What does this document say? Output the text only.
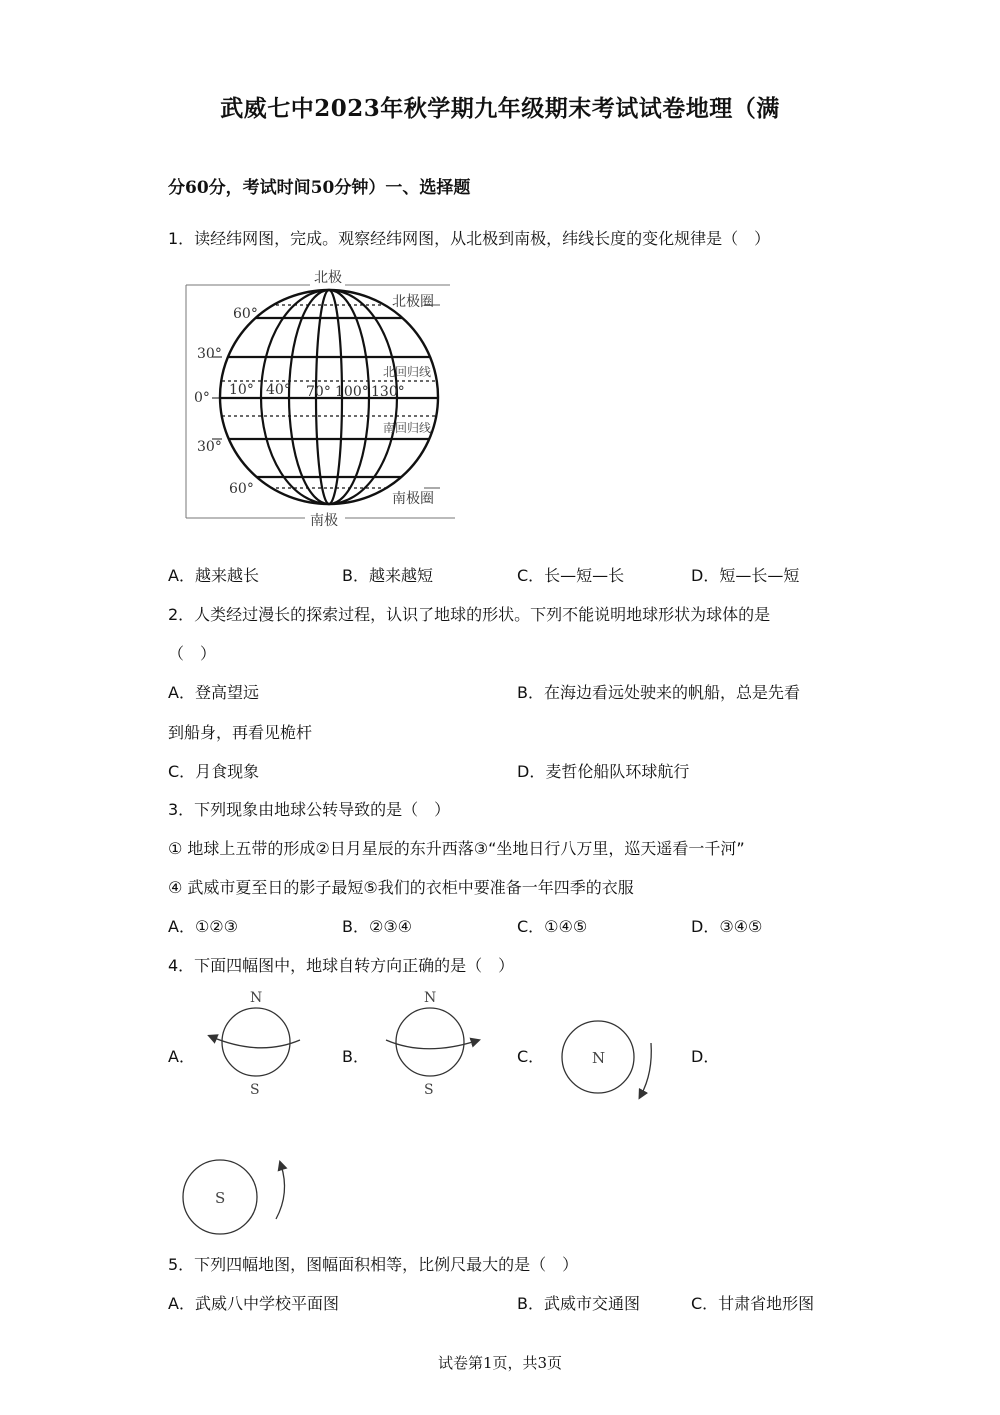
武威七中2023年秋学期九年级期末考试试卷地理（满
分60分，考试时间50分钟）一、选择题
1．读经纬网图，完成。观察经纬网图，从北极到南极，纬线长度的变化规律是（　）
北极
南极
北极圈
南极圈
60°
30°
0°
30°
60°
10° 40° 70° 100° 130°
北回归线
南回归线
A．越来越长	B．越来越短	C．长—短—长	D．短—长—短
2．人类经过漫长的探索过程，认识了地球的形状。下列不能说明地球形状为球体的是
（　）
A．登高望远	B．在海边看远处驶来的帆船，总是先看
到船身，再看见桅杆
C．月食现象	D．麦哲伦船队环球航行
3．下列现象由地球公转导致的是（　）
① 地球上五带的形成②日月星辰的东升西落③“坐地日行八万里，巡天遥看一千河”
④ 武威市夏至日的影子最短⑤我们的衣柜中要准备一年四季的衣服
A．①②③	B．②③④	C．①④⑤	D．③④⑤
4．下面四幅图中，地球自转方向正确的是（　）
A．	B．	C．	D．
N
S
N
S
N
S
5．下列四幅地图，图幅面积相等，比例尺最大的是（　）
A．武威八中学校平面图	B．武威市交通图	C．甘肃省地形图
试卷第1页，共3页
